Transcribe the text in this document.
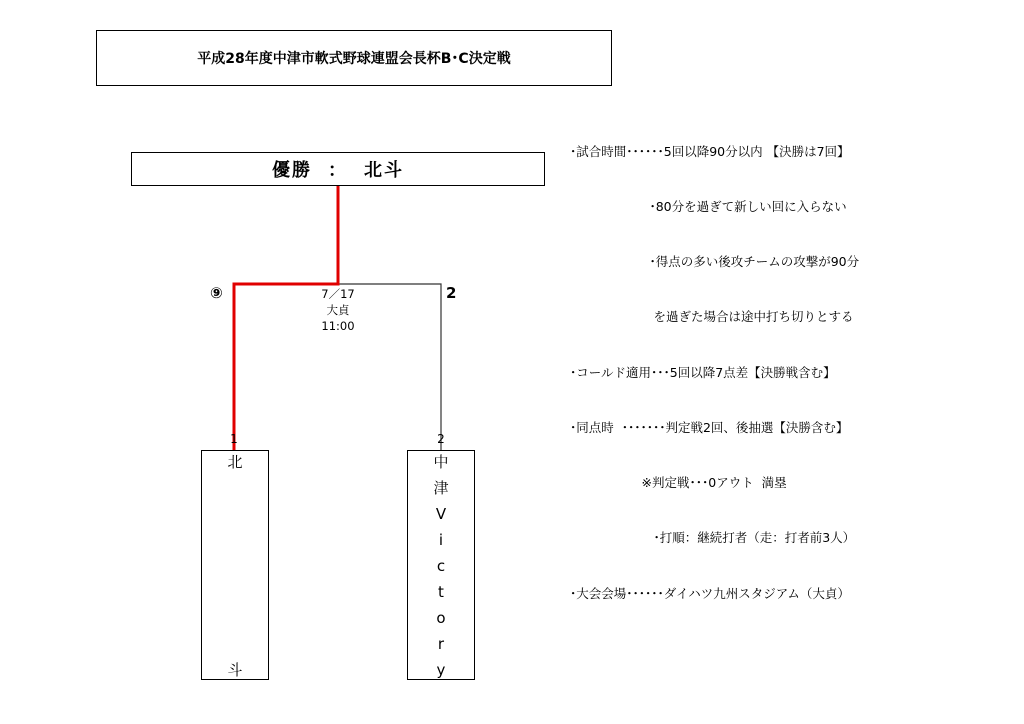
平成28年度中津市軟式野球連盟会長杯B･C決定戦
優勝 ： 北斗

･試合時間･･････5回以降90分以内 【決勝は7回】

･80分を過ぎて新しい回に入らない

･得点の多い後攻チームの攻撃が90分

を過ぎた場合は途中打ち切りとする

･コールド適用･･･5回以降7点差【決勝戦含む】

･同点時  ･･･････判定戦2回、後抽選【決勝含む】

※判定戦･･･0アウト  満塁

･打順：継続打者（走：打者前3人）

･大会会場･･････ダイハツ九州スタジアム（大貞）

⑨	2
7／17
大貞
11:00
1	2
北
斗
中
津
V
i
c
t
o
r
y
